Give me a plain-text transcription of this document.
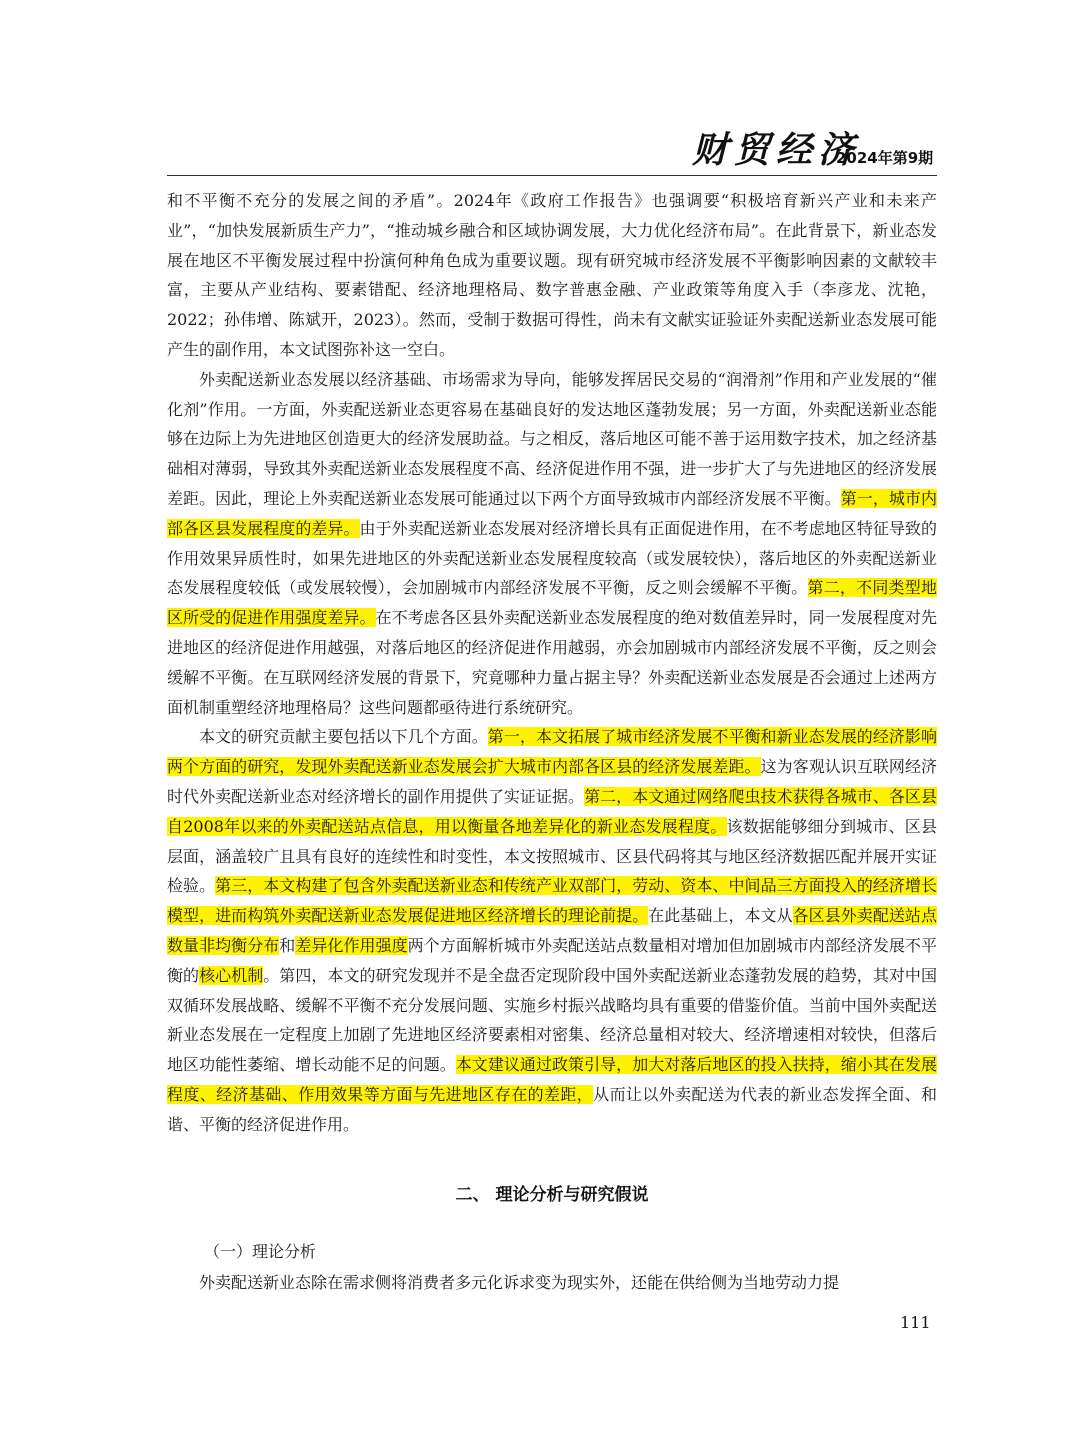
财贸经济
2024年第9期

和不平衡不充分的发展之间的矛盾”。2024年《政府工作报告》也强调要“积极培育新兴产业和未来产业”，“加快发展新质生产力”，“推动城乡融合和区域协调发展，大力优化经济布局”。在此背景下，新业态发展在地区不平衡发展过程中扮演何种角色成为重要议题。现有研究城市经济发展不平衡影响因素的文献较丰富，主要从产业结构、要素错配、经济地理格局、数字普惠金融、产业政策等角度入手（李彦龙、沈艳，2022；孙伟增、陈斌开，2023）。然而，受制于数据可得性，尚未有文献实证验证外卖配送新业态发展可能产生的副作用，本文试图弥补这一空白。

外卖配送新业态发展以经济基础、市场需求为导向，能够发挥居民交易的“润滑剂”作用和产业发展的“催化剂”作用。一方面，外卖配送新业态更容易在基础良好的发达地区蓬勃发展；另一方面，外卖配送新业态能够在边际上为先进地区创造更大的经济发展助益。与之相反，落后地区可能不善于运用数字技术，加之经济基础相对薄弱，导致其外卖配送新业态发展程度不高、经济促进作用不强，进一步扩大了与先进地区的经济发展差距。因此，理论上外卖配送新业态发展可能通过以下两个方面导致城市内部经济发展不平衡。第一，城市内部各区县发展程度的差异。由于外卖配送新业态发展对经济增长具有正面促进作用，在不考虑地区特征导致的作用效果异质性时，如果先进地区的外卖配送新业态发展程度较高（或发展较快），落后地区的外卖配送新业态发展程度较低（或发展较慢），会加剧城市内部经济发展不平衡，反之则会缓解不平衡。第二，不同类型地区所受的促进作用强度差异。在不考虑各区县外卖配送新业态发展程度的绝对数值差异时，同一发展程度对先进地区的经济促进作用越强，对落后地区的经济促进作用越弱，亦会加剧城市内部经济发展不平衡，反之则会缓解不平衡。在互联网经济发展的背景下，究竟哪种力量占据主导？外卖配送新业态发展是否会通过上述两方面机制重塑经济地理格局？这些问题都亟待进行系统研究。

本文的研究贡献主要包括以下几个方面。第一，本文拓展了城市经济发展不平衡和新业态发展的经济影响两个方面的研究，发现外卖配送新业态发展会扩大城市内部各区县的经济发展差距。这为客观认识互联网经济时代外卖配送新业态对经济增长的副作用提供了实证证据。第二，本文通过网络爬虫技术获得各城市、各区县自2008年以来的外卖配送站点信息，用以衡量各地差异化的新业态发展程度。该数据能够细分到城市、区县层面，涵盖较广且具有良好的连续性和时变性，本文按照城市、区县代码将其与地区经济数据匹配并展开实证检验。第三，本文构建了包含外卖配送新业态和传统产业双部门，劳动、资本、中间品三方面投入的经济增长模型，进而构筑外卖配送新业态发展促进地区经济增长的理论前提。在此基础上，本文从各区县外卖配送站点数量非均衡分布和差异化作用强度两个方面解析城市外卖配送站点数量相对增加但加剧城市内部经济发展不平衡的核心机制。第四，本文的研究发现并不是全盘否定现阶段中国外卖配送新业态蓬勃发展的趋势，其对中国双循环发展战略、缓解不平衡不充分发展问题、实施乡村振兴战略均具有重要的借鉴价值。当前中国外卖配送新业态发展在一定程度上加剧了先进地区经济要素相对密集、经济总量相对较大、经济增速相对较快，但落后地区功能性萎缩、增长动能不足的问题。本文建议通过政策引导，加大对落后地区的投入扶持，缩小其在发展程度、经济基础、作用效果等方面与先进地区存在的差距，从而让以外卖配送为代表的新业态发挥全面、和谐、平衡的经济促进作用。

二、 理论分析与研究假说
（一）理论分析
外卖配送新业态除在需求侧将消费者多元化诉求变为现实外，还能在供给侧为当地劳动力提
111
